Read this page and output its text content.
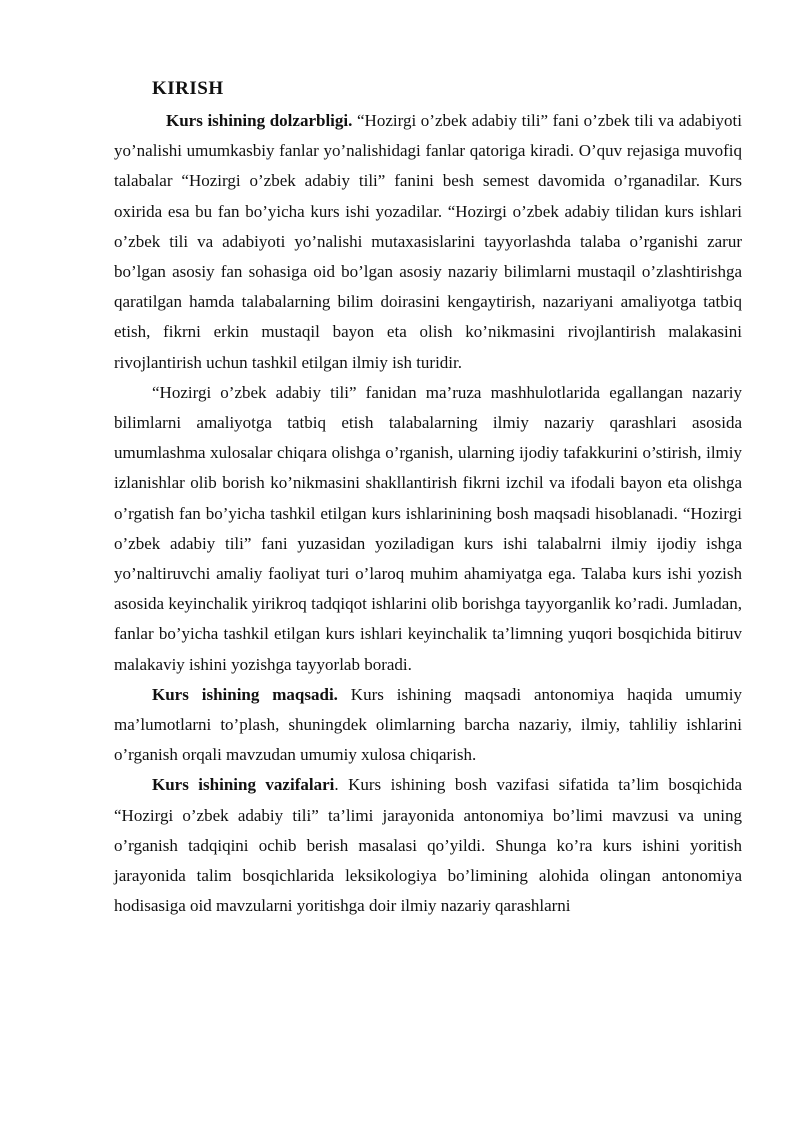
KIRISH

Kurs ishining dolzarbligi. “Hozirgi o’zbek adabiy tili” fani o’zbek tili va adabiyoti yo’nalishi umumkasbiy fanlar yo’nalishidagi fanlar qatoriga kiradi. O’quv rejasiga muvofiq talabalar “Hozirgi o’zbek adabiy tili” fanini besh semest davomida o’rganadilar. Kurs oxirida esa bu fan bo’yicha kurs ishi yozadilar. “Hozirgi o’zbek adabiy tilidan kurs ishlari o’zbek tili va adabiyoti yo’nalishi mutaxasislarini tayyorlashda talaba o’rganishi zarur bo’lgan asosiy fan sohasiga oid bo’lgan asosiy nazariy bilimlarni mustaqil o’zlashtirishga qaratilgan hamda talabalarning bilim doirasini kengaytirish, nazariyani amaliyotga tatbiq etish, fikrni erkin mustaqil bayon eta olish ko’nikmasini rivojlantirish malakasini rivojlantirish uchun tashkil etilgan ilmiy ish turidir.

“Hozirgi o’zbek adabiy tili” fanidan ma’ruza mashhulotlarida egallangan nazariy bilimlarni amaliyotga tatbiq etish talabalarning ilmiy nazariy qarashlari asosida umumlashma xulosalar chiqara olishga o’rganish, ularning ijodiy tafakkurini o’stirish, ilmiy izlanishlar olib borish ko’nikmasini shakllantirish fikrni izchil va ifodali bayon eta olishga o’rgatish fan bo’yicha tashkil etilgan kurs ishlarinining bosh maqsadi hisoblanadi. “Hozirgi o’zbek adabiy tili” fani yuzasidan yoziladigan kurs ishi talabalrni ilmiy ijodiy ishga yo’naltiruvchi amaliy faoliyat turi o’laroq muhim ahamiyatga ega. Talaba kurs ishi yozish asosida keyinchalik yirikroq tadqiqot ishlarini olib borishga tayyorganlik ko’radi. Jumladan, fanlar bo’yicha tashkil etilgan kurs ishlari keyinchalik ta’limning yuqori bosqichida bitiruv malakaviy ishini yozishga tayyorlab boradi.

Kurs ishining maqsadi. Kurs ishining maqsadi antonomiya haqida umumiy ma’lumotlarni to’plash, shuningdek olimlarning barcha nazariy, ilmiy, tahliliy ishlarini o’rganish orqali mavzudan umumiy xulosa chiqarish.

Kurs ishining vazifalari. Kurs ishining bosh vazifasi sifatida ta’lim bosqichida “Hozirgi o’zbek adabiy tili” ta’limi jarayonida antonomiya bo’limi mavzusi va uning o’rganish tadqiqini ochib berish masalasi qo’yildi. Shunga ko’ra kurs ishini yoritish jarayonida talim bosqichlarida leksikologiya bo’limining alohida olingan antonomiya hodisasiga oid mavzularni yoritishga doir ilmiy nazariy qarashlarni
